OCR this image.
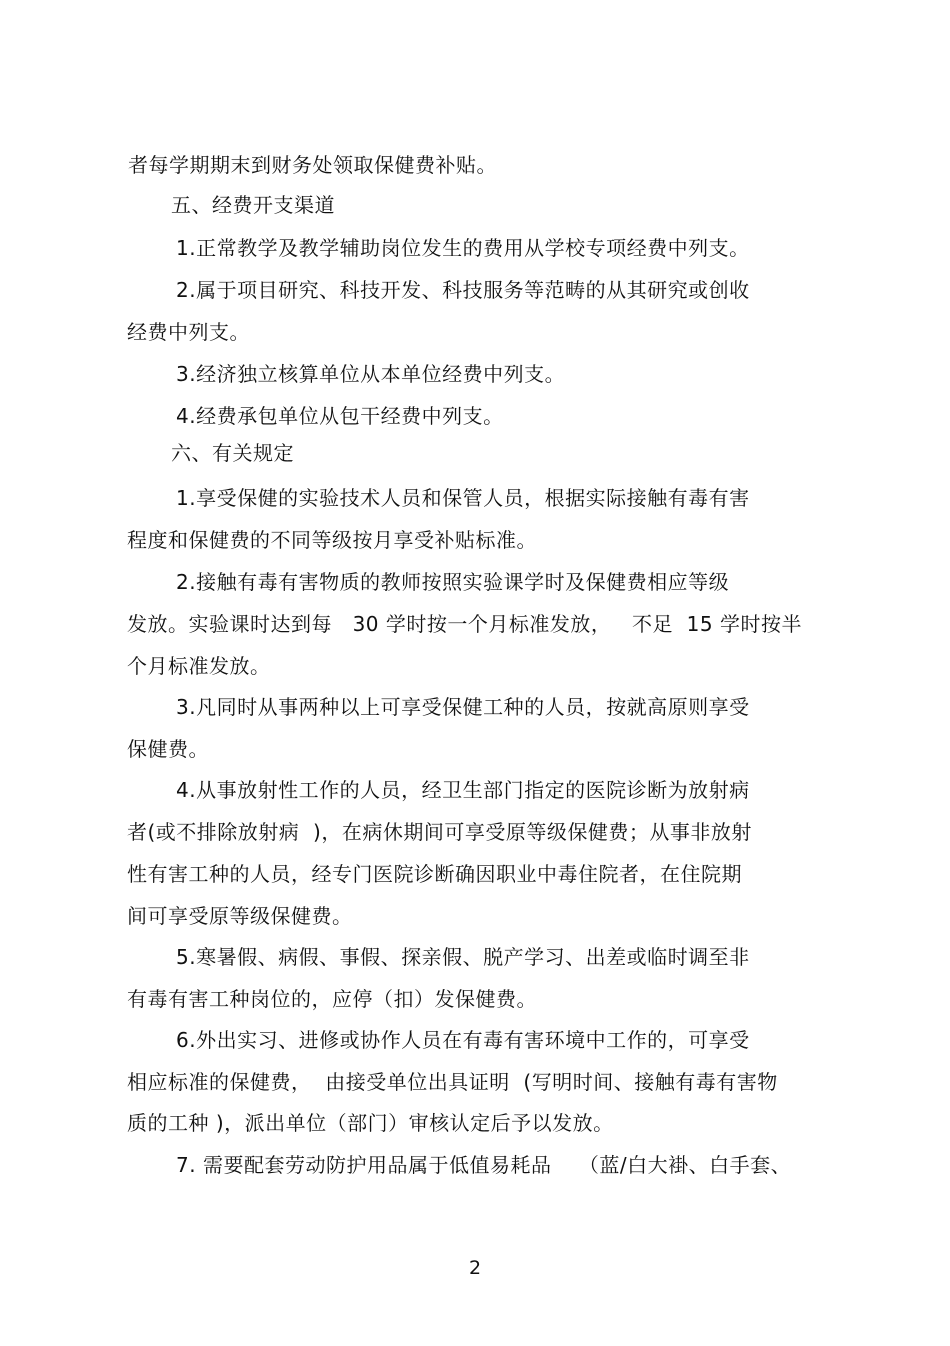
者每学期期末到财务处领取保健费补贴。
五、经费开支渠道
1.正常教学及教学辅助岗位发生的费用从学校专项经费中列支。
2.属于项目研究、科技开发、科技服务等范畴的从其研究或创收
经费中列支。
3.经济独立核算单位从本单位经费中列支。
4.经费承包单位从包干经费中列支。
六、有关规定
1.享受保健的实验技术人员和保管人员，根据实际接触有毒有害
程度和保健费的不同等级按月享受补贴标准。
2.接触有毒有害物质的教师按照实验课学时及保健费相应等级
发放。实验课时达到每   30 学时按一个月标准发放，   不足  15 学时按半
个月标准发放。
3.凡同时从事两种以上可享受保健工种的人员，按就高原则享受
保健费。
4.从事放射性工作的人员，经卫生部门指定的医院诊断为放射病
者(或不排除放射病  )，在病休期间可享受原等级保健费；从事非放射
性有害工种的人员，经专门医院诊断确因职业中毒住院者，在住院期
间可享受原等级保健费。
5.寒暑假、病假、事假、探亲假、脱产学习、出差或临时调至非
有毒有害工种岗位的，应停（扣）发保健费。
6.外出实习、进修或协作人员在有毒有害环境中工作的，可享受
相应标准的保健费，  由接受单位出具证明  (写明时间、接触有毒有害物
质的工种 )，派出单位（部门）审核认定后予以发放。
7. 需要配套劳动防护用品属于低值易耗品    （蓝/白大褂、白手套、
2
